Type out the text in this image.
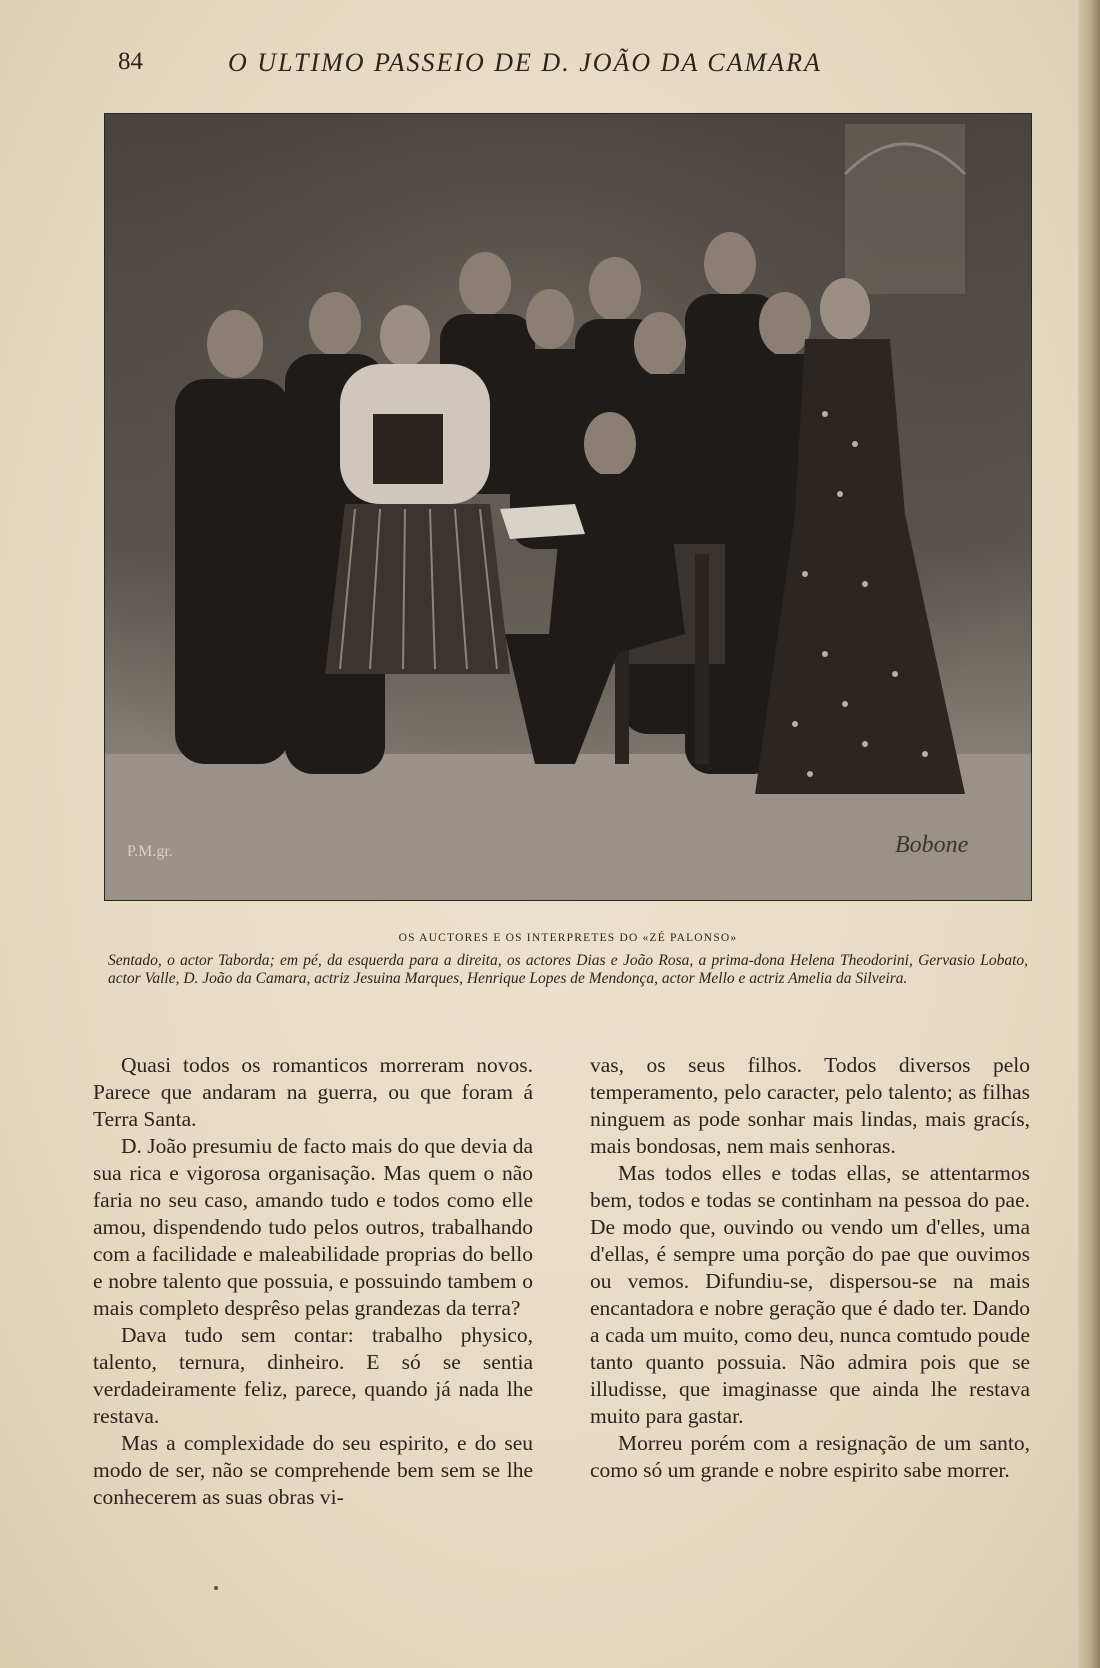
84	O ULTIMO PASSEIO DE D. JOÃO DA CAMARA
P.M.gr.	Bobone
OS AUCTORES E OS INTERPRETES DO «ZÉ PALONSO»
Sentado, o actor Taborda; em pé, da esquerda para a direita, os actores Dias e João Rosa, a prima-dona Helena Theodorini, Gervasio Lobato, actor Valle, D. João da Camara, actriz Jesuina Marques, Henrique Lopes de Mendonça, actor Mello e actriz Amelia da Silveira.

Quasi todos os romanticos morreram novos. Parece que andaram na guerra, ou que foram á Terra Santa.

D. João presumiu de facto mais do que devia da sua rica e vigorosa organisação. Mas quem o não faria no seu caso, amando tudo e todos como elle amou, dispendendo tudo pelos outros, trabalhando com a facilidade e maleabilidade proprias do bello e nobre talento que possuia, e possuindo tambem o mais completo desprêso pelas grandezas da terra?

Dava tudo sem contar: trabalho physico, talento, ternura, dinheiro. E só se sentia verdadeiramente feliz, parece, quando já nada lhe restava.

Mas a complexidade do seu espirito, e do seu modo de ser, não se comprehende bem sem se lhe conhecerem as suas obras vi-

vas, os seus filhos. Todos diversos pelo temperamento, pelo caracter, pelo talento; as filhas ninguem as pode sonhar mais lindas, mais gracís, mais bondosas, nem mais senhoras.

Mas todos elles e todas ellas, se attentarmos bem, todos e todas se continham na pessoa do pae. De modo que, ouvindo ou vendo um d'elles, uma d'ellas, é sempre uma porção do pae que ouvimos ou vemos. Difundiu-se, dispersou-se na mais encantadora e nobre geração que é dado ter. Dando a cada um muito, como deu, nunca comtudo poude tanto quanto possuia. Não admira pois que se illudisse, que imaginasse que ainda lhe restava muito para gastar.

Morreu porém com a resignação de um santo, como só um grande e nobre espirito sabe morrer.
